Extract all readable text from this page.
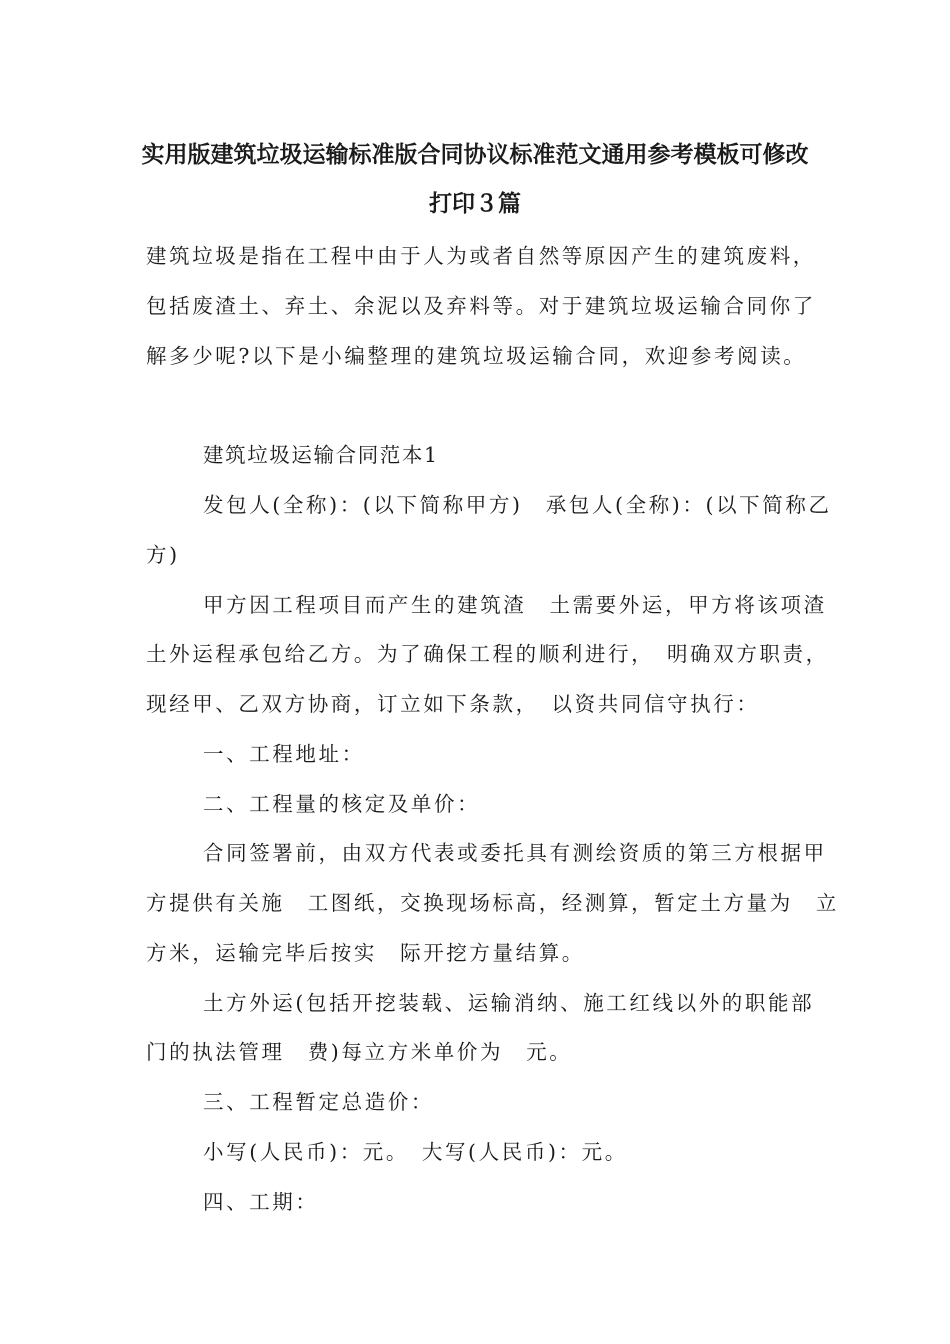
实用版建筑垃圾运输标准版合同协议标准范文通用参考模板可修改
打印３篇
建筑垃圾是指在工程中由于人为或者自然等原因产生的建筑废料，
包括废渣土、弃土、余泥以及弃料等。对于建筑垃圾运输合同你了
解多少呢?以下是小编整理的建筑垃圾运输合同，欢迎参考阅读。
建筑垃圾运输合同范本1
发包人(全称)：(以下简称甲方)　承包人(全称)：(以下简称乙
方)
甲方因工程项目而产生的建筑渣　土需要外运，甲方将该项渣
土外运程承包给乙方。为了确保工程的顺利进行，　明确双方职责，
现经甲、乙双方协商，订立如下条款，　以资共同信守执行：
一、工程地址：
二、工程量的核定及单价：
合同签署前，由双方代表或委托具有测绘资质的第三方根据甲
方提供有关施　工图纸，交换现场标高，经测算，暂定土方量为　立
方米，运输完毕后按实　际开挖方量结算。
土方外运(包括开挖装载、运输消纳、施工红线以外的职能部
门的执法管理　费)每立方米单价为　元。
三、工程暂定总造价：
小写(人民币)：元。　大写(人民币)：元。
四、工期：
